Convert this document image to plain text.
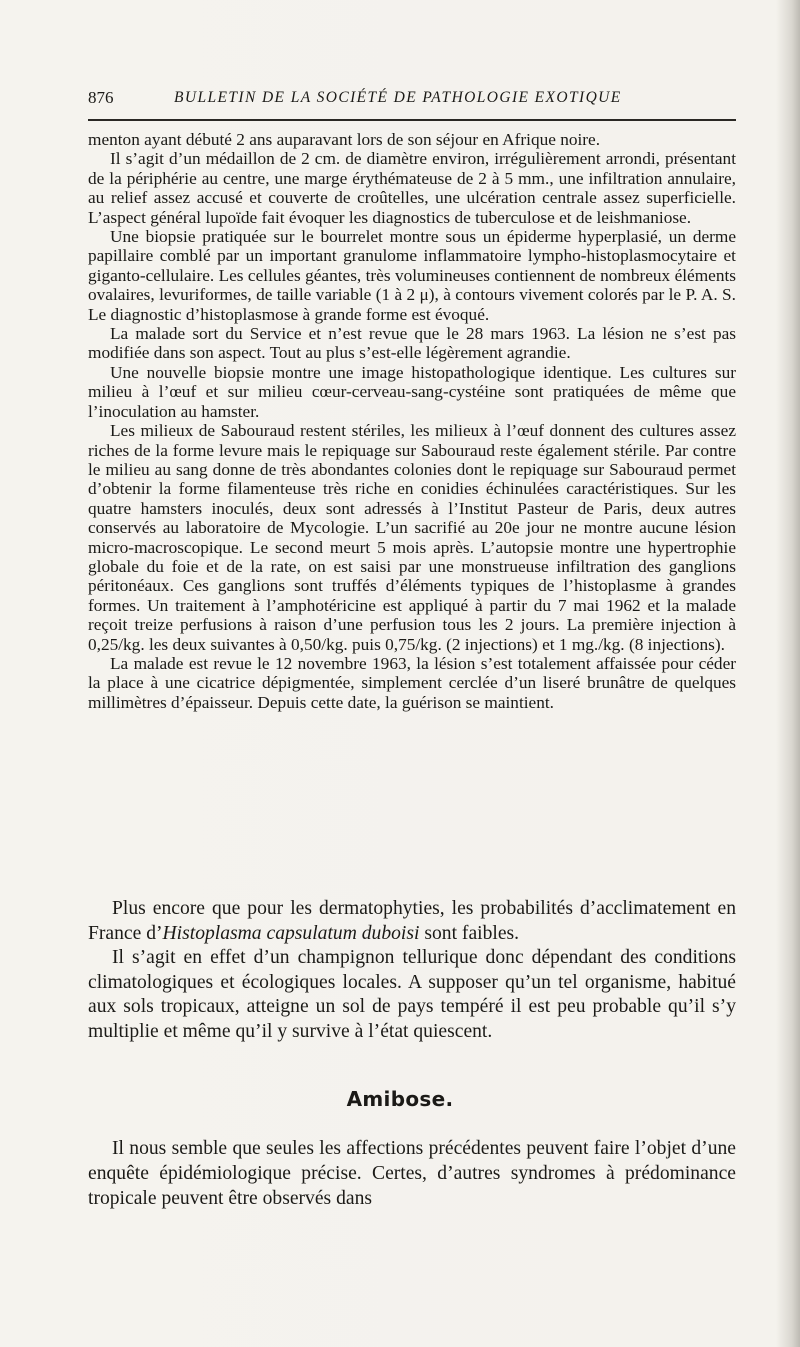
876	BULLETIN DE LA SOCIÉTÉ DE PATHOLOGIE EXOTIQUE

menton ayant débuté 2 ans auparavant lors de son séjour en Afrique noire.

Il s’agit d’un médaillon de 2 cm. de diamètre environ, irrégulièrement arrondi, présentant de la périphérie au centre, une marge érythémateuse de 2 à 5 mm., une infiltration annulaire, au relief assez accusé et couverte de croûtelles, une ulcération centrale assez superficielle. L’aspect général lupoïde fait évoquer les diagnostics de tuberculose et de leishmaniose.

Une biopsie pratiquée sur le bourrelet montre sous un épiderme hyperplasié, un derme papillaire comblé par un important granulome inflammatoire lympho-histoplasmocytaire et giganto-cellulaire. Les cellules géantes, très volumineuses contiennent de nombreux éléments ovalaires, levuriformes, de taille variable (1 à 2 μ), à contours vivement colorés par le P. A. S. Le diagnostic d’histoplasmose à grande forme est évoqué.

La malade sort du Service et n’est revue que le 28 mars 1963. La lésion ne s’est pas modifiée dans son aspect. Tout au plus s’est-elle légèrement agrandie.

Une nouvelle biopsie montre une image histopathologique identique. Les cultures sur milieu à l’œuf et sur milieu cœur-cerveau-sang-cystéine sont pratiquées de même que l’inoculation au hamster.

Les milieux de Sabouraud restent stériles, les milieux à l’œuf donnent des cultures assez riches de la forme levure mais le repiquage sur Sabouraud reste également stérile. Par contre le milieu au sang donne de très abondantes colonies dont le repiquage sur Sabouraud permet d’obtenir la forme filamenteuse très riche en conidies échinulées caractéristiques. Sur les quatre hamsters inoculés, deux sont adressés à l’Institut Pasteur de Paris, deux autres conservés au laboratoire de Mycologie. L’un sacrifié au 20e jour ne montre aucune lésion micro-macroscopique. Le second meurt 5 mois après. L’autopsie montre une hypertrophie globale du foie et de la rate, on est saisi par une monstrueuse infiltration des ganglions péritonéaux. Ces ganglions sont truffés d’éléments typiques de l’histoplasme à grandes formes. Un traitement à l’amphotéricine est appliqué à partir du 7 mai 1962 et la malade reçoit treize perfusions à raison d’une perfusion tous les 2 jours. La première injection à 0,25/kg. les deux suivantes à 0,50/kg. puis 0,75/kg. (2 injections) et 1 mg./kg. (8 injections).

La malade est revue le 12 novembre 1963, la lésion s’est totalement affaissée pour céder la place à une cicatrice dépigmentée, simplement cerclée d’un liseré brunâtre de quelques millimètres d’épaisseur. Depuis cette date, la guérison se maintient.

Plus encore que pour les dermatophyties, les probabilités d’acclimatement en France d’Histoplasma capsulatum duboisi sont faibles.

Il s’agit en effet d’un champignon tellurique donc dépendant des conditions climatologiques et écologiques locales. A supposer qu’un tel organisme, habitué aux sols tropicaux, atteigne un sol de pays tempéré il est peu probable qu’il s’y multiplie et même qu’il y survive à l’état quiescent.

Amibose.

Il nous semble que seules les affections précédentes peuvent faire l’objet d’une enquête épidémiologique précise. Certes, d’autres syndromes à prédominance tropicale peuvent être observés dans
